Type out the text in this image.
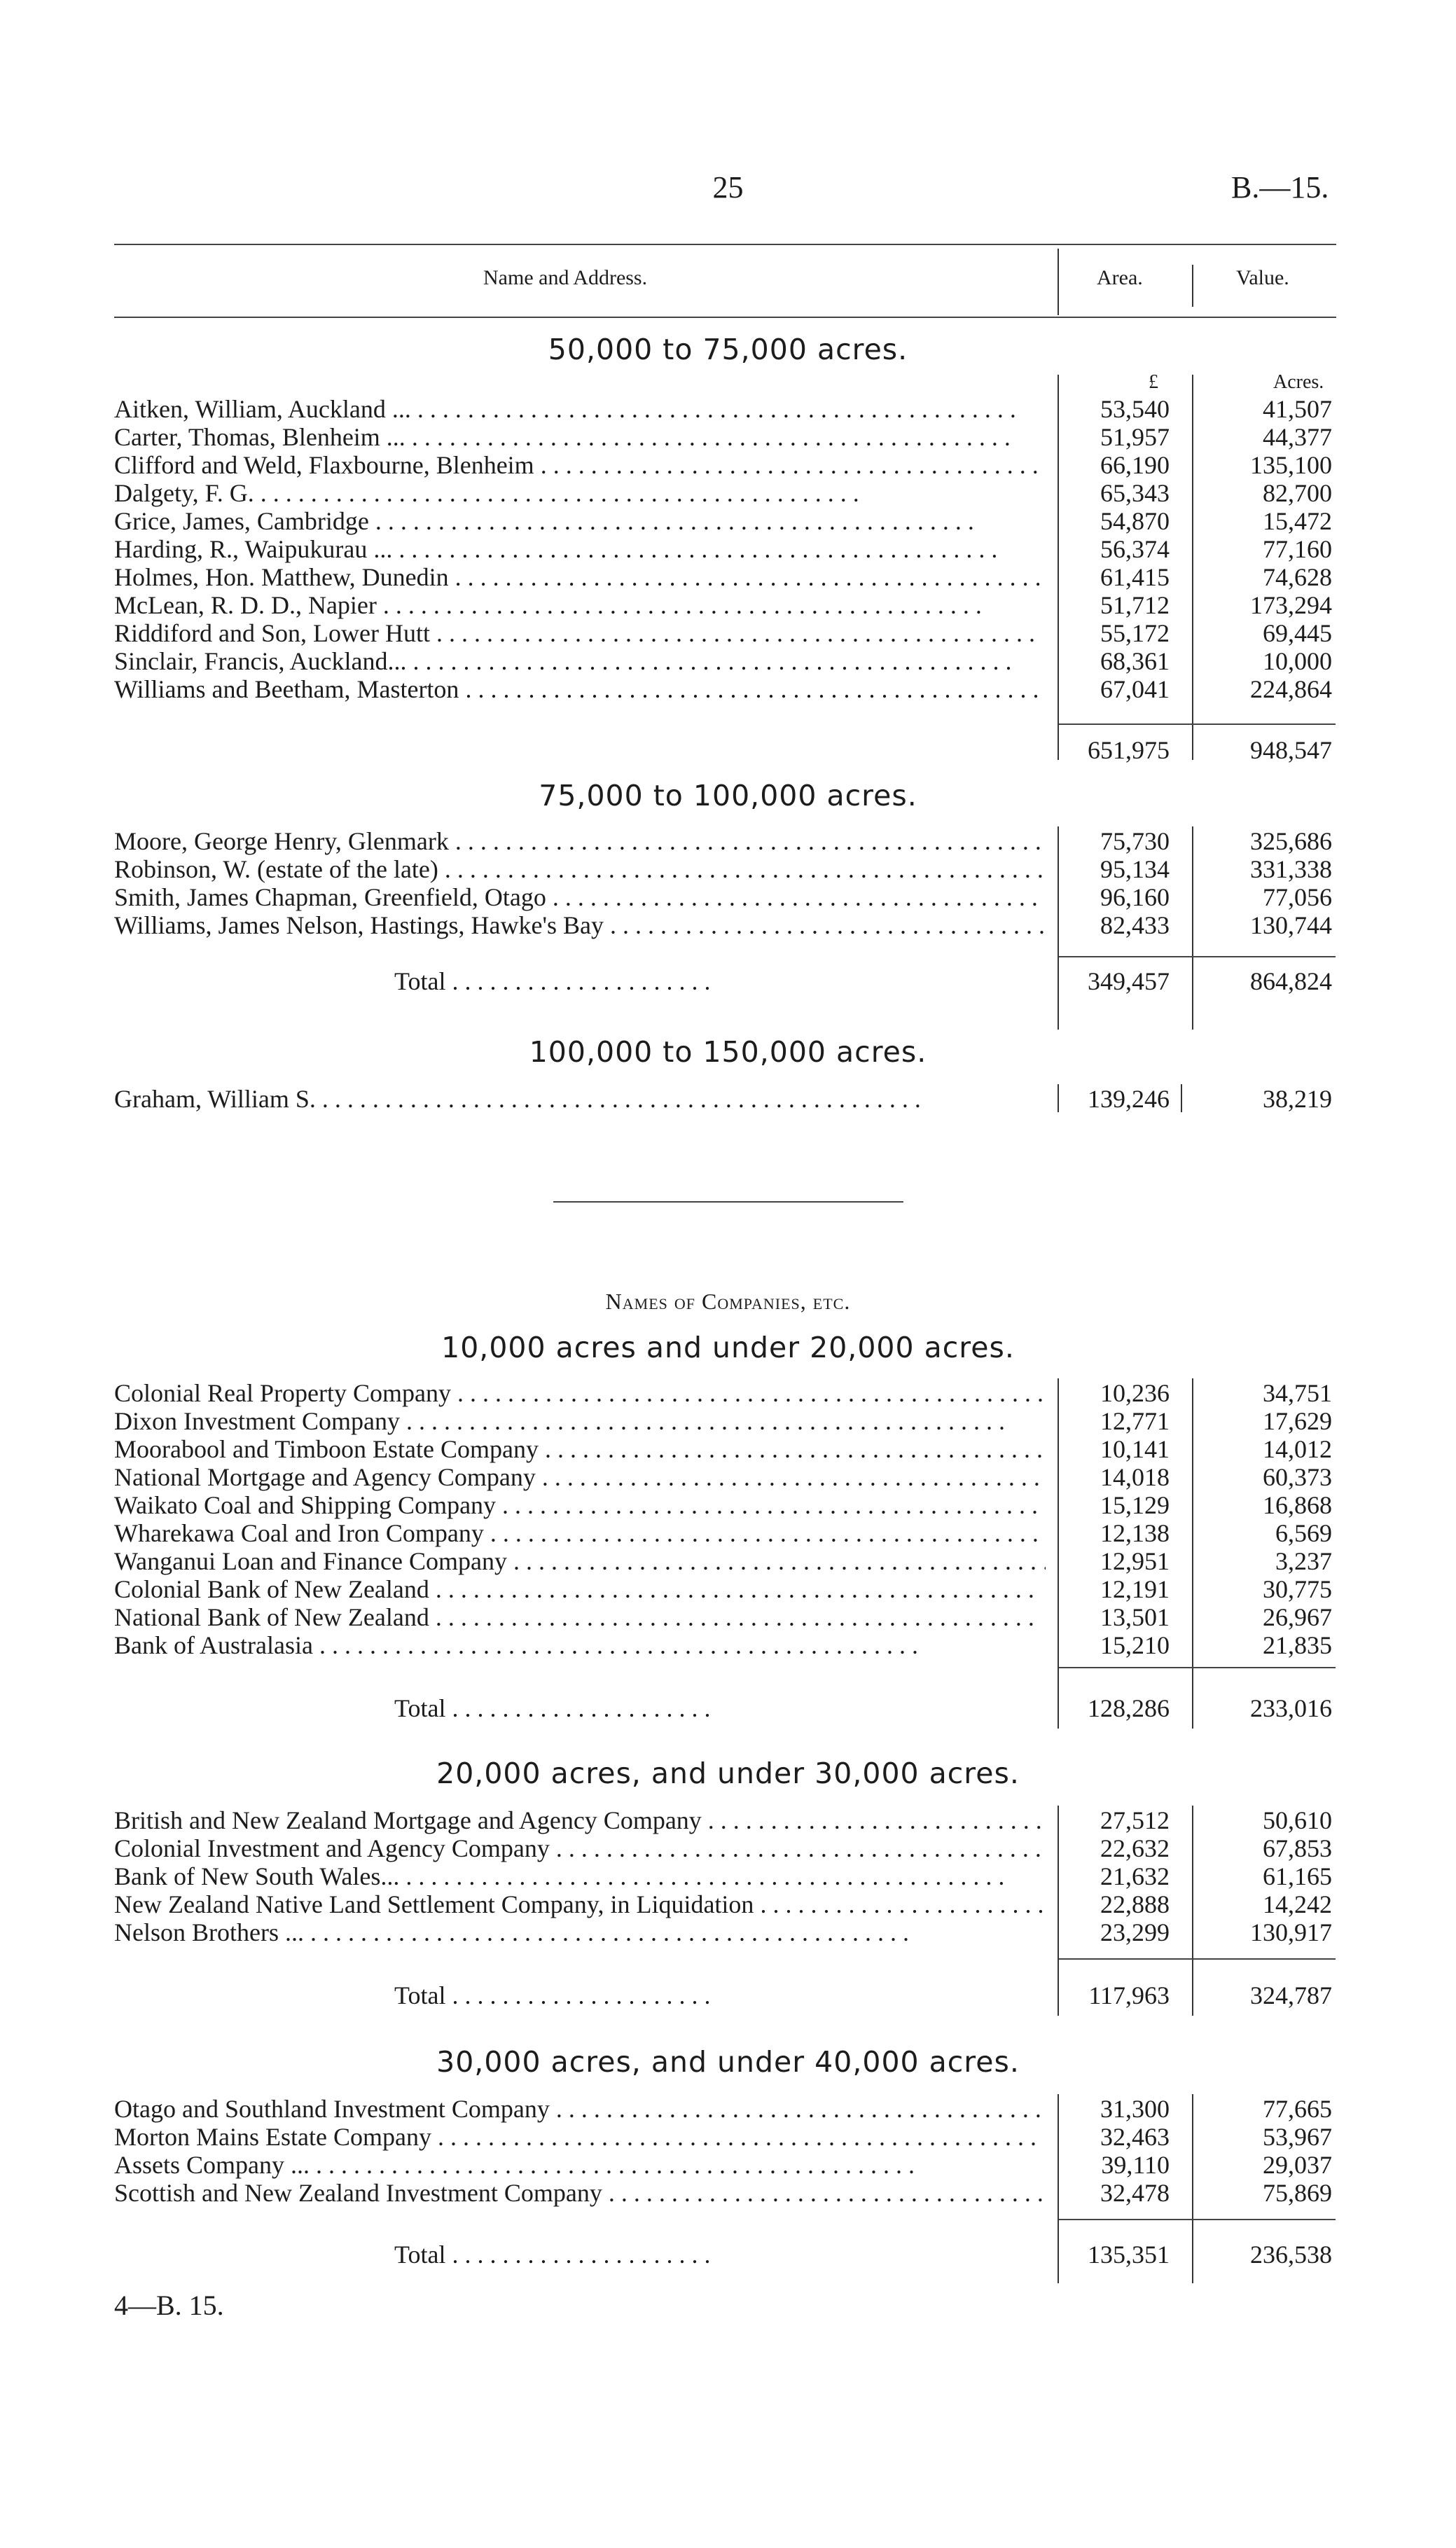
25	B.—15.
Name and Address.	Area.	Value.
50,000 to 75,000 acres.
£	Acres.
Aitken, William, Auckland ... . . .	53,540	41,507
Carter, Thomas, Blenheim ... . . .	51,957	44,377
Clifford and Weld, Flaxbourne, Blenheim . . .	66,190	135,100
Dalgety, F. G. . . .	65,343	82,700
Grice, James, Cambridge . . .	54,870	15,472
Harding, R., Waipukurau ... . . .	56,374	77,160
Holmes, Hon. Matthew, Dunedin . . .	61,415	74,628
McLean, R. D. D., Napier . . .	51,712	173,294
Riddiford and Son, Lower Hutt . . .	55,172	69,445
Sinclair, Francis, Auckland... . . .	68,361	10,000
Williams and Beetham, Masterton . . .	67,041	224,864
651,975	948,547
75,000 to 100,000 acres.
Moore, George Henry, Glenmark . . .	75,730	325,686
Robinson, W. (estate of the late) . . .	95,134	331,338
Smith, James Chapman, Greenfield, Otago . . .	96,160	77,056
Williams, James Nelson, Hastings, Hawke's Bay . . .	82,433	130,744
Total . . .	349,457	864,824
100,000 to 150,000 acres.
Graham, William S. . . .	139,246	38,219
Names of Companies, etc.
10,000 acres and under 20,000 acres.
Colonial Real Property Company . . .	10,236	34,751
Dixon Investment Company . . .	12,771	17,629
Moorabool and Timboon Estate Company . . .	10,141	14,012
National Mortgage and Agency Company . . .	14,018	60,373
Waikato Coal and Shipping Company . . .	15,129	16,868
Wharekawa Coal and Iron Company . . .	12,138	6,569
Wanganui Loan and Finance Company . . .	12,951	3,237
Colonial Bank of New Zealand . . .	12,191	30,775
National Bank of New Zealand . . .	13,501	26,967
Bank of Australasia . . .	15,210	21,835
Total . . .	128,286	233,016
20,000 acres, and under 30,000 acres.
British and New Zealand Mortgage and Agency Company . . .	27,512	50,610
Colonial Investment and Agency Company . . .	22,632	67,853
Bank of New South Wales... . . .	21,632	61,165
New Zealand Native Land Settlement Company, in Liquidation . . .	22,888	14,242
Nelson Brothers ... . . .	23,299	130,917
Total . . .	117,963	324,787
30,000 acres, and under 40,000 acres.
Otago and Southland Investment Company . . .	31,300	77,665
Morton Mains Estate Company . . .	32,463	53,967
Assets Company ... . . .	39,110	29,037
Scottish and New Zealand Investment Company . . .	32,478	75,869
Total . . .	135,351	236,538
4—B. 15.
